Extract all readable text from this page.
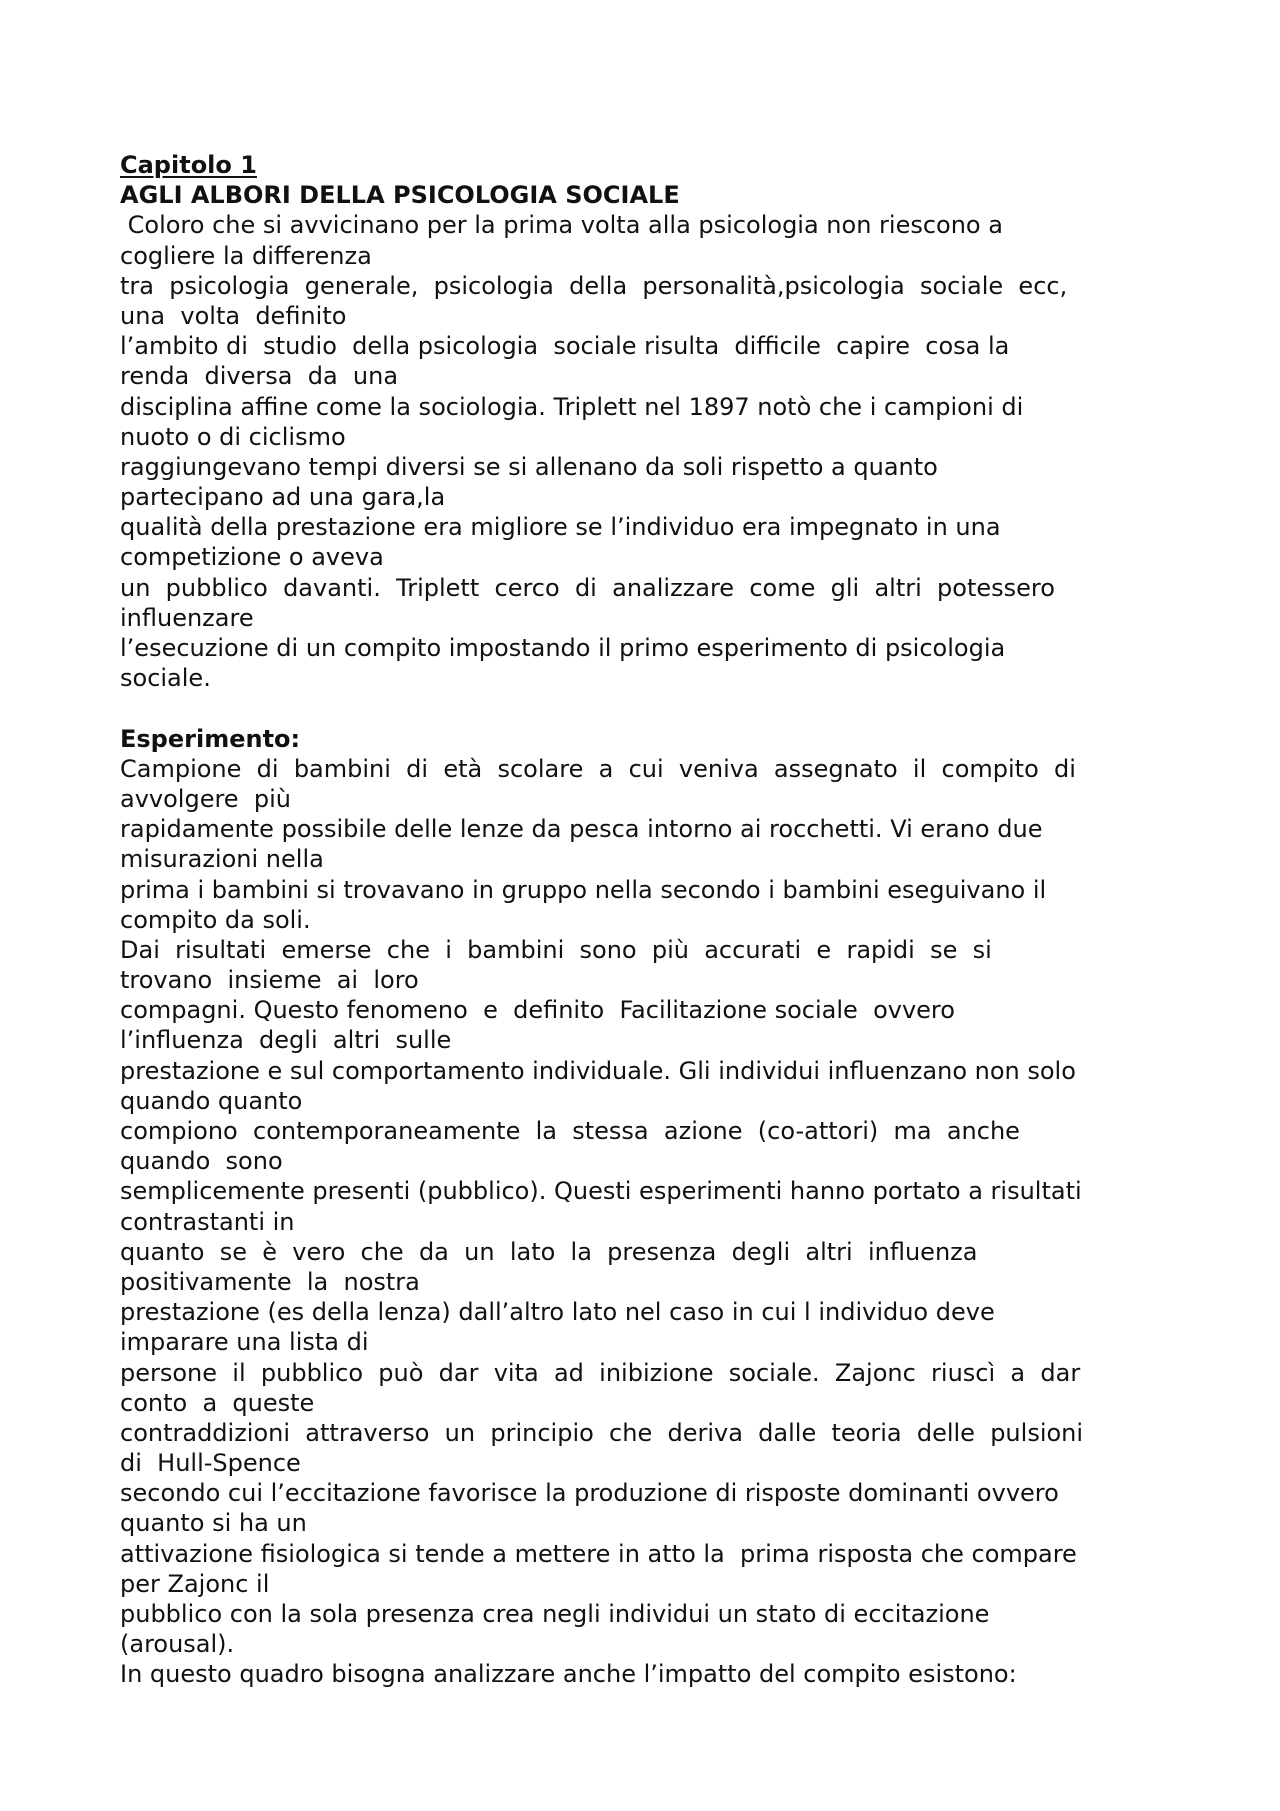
Capitolo 1
AGLI ALBORI DELLA PSICOLOGIA SOCIALE
Coloro che si avvicinano per la prima volta alla psicologia non riescono a
cogliere la differenza
tra  psicologia  generale,  psicologia  della  personalità,psicologia  sociale  ecc,
una  volta  definito
l’ambito di  studio  della psicologia  sociale risulta  difficile  capire  cosa la
renda  diversa  da  una
disciplina affine come la sociologia. Triplett nel 1897 notò che i campioni di
nuoto o di ciclismo
raggiungevano tempi diversi se si allenano da soli rispetto a quanto
partecipano ad una gara,la
qualità della prestazione era migliore se l’individuo era impegnato in una
competizione o aveva
un  pubblico  davanti.  Triplett  cerco  di  analizzare  come  gli  altri  potessero
influenzare
l’esecuzione di un compito impostando il primo esperimento di psicologia
sociale.
Esperimento:
Campione  di  bambini  di  età  scolare  a  cui  veniva  assegnato  il  compito  di
avvolgere  più
rapidamente possibile delle lenze da pesca intorno ai rocchetti. Vi erano due
misurazioni nella
prima i bambini si trovavano in gruppo nella secondo i bambini eseguivano il
compito da soli.
Dai  risultati  emerse  che  i  bambini  sono  più  accurati  e  rapidi  se  si
trovano  insieme  ai  loro
compagni. Questo fenomeno  e  definito  Facilitazione sociale  ovvero
l’influenza  degli  altri  sulle
prestazione e sul comportamento individuale. Gli individui influenzano non solo
quando quanto
compiono  contemporaneamente  la  stessa  azione  (co-attori)  ma  anche
quando  sono
semplicemente presenti (pubblico). Questi esperimenti hanno portato a risultati
contrastanti in
quanto  se  è  vero  che  da  un  lato  la  presenza  degli  altri  influenza
positivamente  la  nostra
prestazione (es della lenza) dall’altro lato nel caso in cui l individuo deve
imparare una lista di
persone  il  pubblico  può  dar  vita  ad  inibizione  sociale.  Zajonc  riuscì  a  dar
conto  a  queste
contraddizioni  attraverso  un  principio  che  deriva  dalle  teoria  delle  pulsioni
di  Hull-Spence
secondo cui l’eccitazione favorisce la produzione di risposte dominanti ovvero
quanto si ha un
attivazione fisiologica si tende a mettere in atto la  prima risposta che compare
per Zajonc il
pubblico con la sola presenza crea negli individui un stato di eccitazione
(arousal).
In questo quadro bisogna analizzare anche l’impatto del compito esistono:
